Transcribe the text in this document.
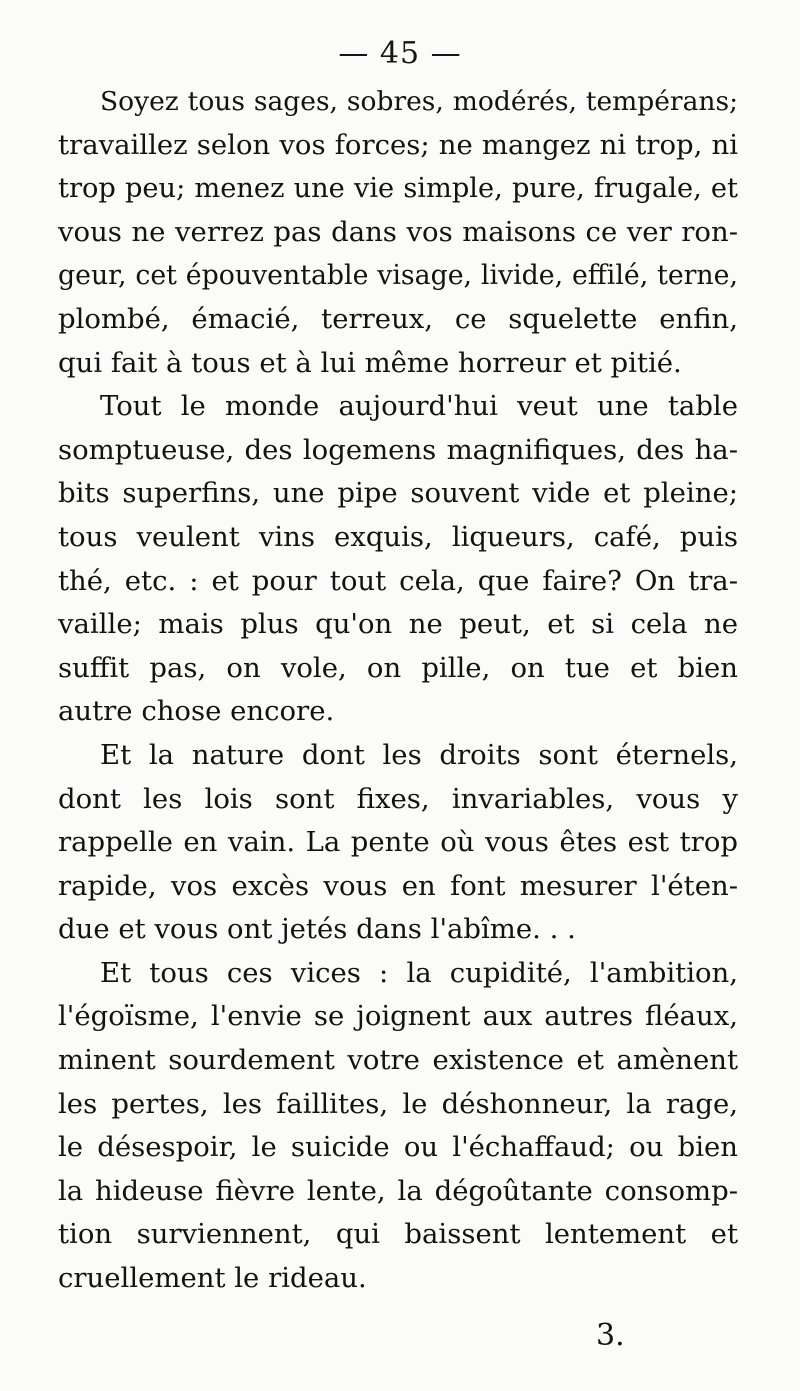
— 45 —
Soyez tous sages, sobres, modérés, tempérans;
travaillez selon vos forces; ne mangez ni trop, ni
trop peu; menez une vie simple, pure, frugale, et
vous ne verrez pas dans vos maisons ce ver ron-
geur, cet épouventable visage, livide, effilé, terne,
plombé, émacié, terreux, ce squelette enfin,
qui fait à tous et à lui même horreur et pitié.
Tout le monde aujourd'hui veut une table
somptueuse, des logemens magnifiques, des ha-
bits superfins, une pipe souvent vide et pleine;
tous veulent vins exquis, liqueurs, café, puis
thé, etc. : et pour tout cela, que faire? On tra-
vaille; mais plus qu'on ne peut, et si cela ne
suffit pas, on vole, on pille, on tue et bien
autre chose encore.
Et la nature dont les droits sont éternels,
dont les lois sont fixes, invariables, vous y
rappelle en vain. La pente où vous êtes est trop
rapide, vos excès vous en font mesurer l'éten-
due et vous ont jetés dans l'abîme. . .
Et tous ces vices : la cupidité, l'ambition,
l'égoïsme, l'envie se joignent aux autres fléaux,
minent sourdement votre existence et amènent
les pertes, les faillites, le déshonneur, la rage,
le désespoir, le suicide ou l'échaffaud; ou bien
la hideuse fièvre lente, la dégoûtante consomp-
tion surviennent, qui baissent lentement et
cruellement le rideau.
3.
